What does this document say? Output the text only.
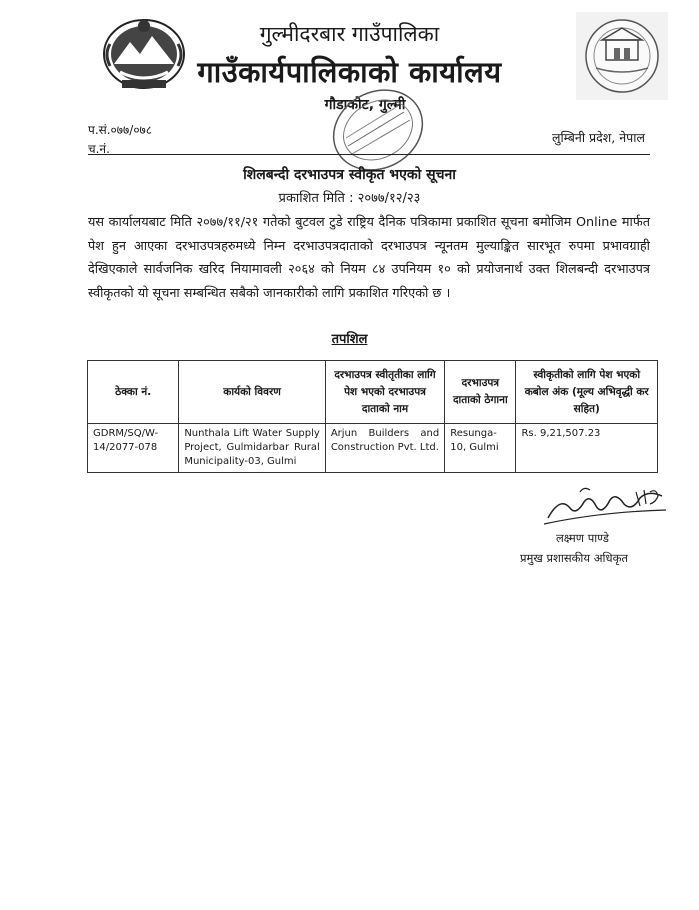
गुल्मीदरबार गाउँपालिका
गाउँकार्यपालिकाको कार्यालय
गौडाकोट, गुल्मी
प.सं.०७७/०७८
च.नं.
लुम्बिनी प्रदेश, नेपाल
शिलबन्दी दरभाउपत्र स्वीकृत भएको सूचना
प्रकाशित मिति : २०७७/१२/२३
यस कार्यालयबाट मिति २०७७/११/२१ गतेको बुटवल टुडे राष्ट्रिय दैनिक पत्रिकामा प्रकाशित सूचना बमोजिम Online मार्फत पेश हुन आएका दरभाउपत्रहरुमध्ये निम्न दरभाउपत्रदाताको दरभाउपत्र न्यूनतम मुल्याङ्कित सारभूत रुपमा प्रभावग्राही देखिएकाले सार्वजनिक खरिद नियामावली २०६४ को नियम ८४ उपनियम १० को प्रयोजनार्थ उक्त शिलबन्दी दरभाउपत्र स्वीकृतको यो सूचना सम्बन्धित सबैको जानकारीको लागि प्रकाशित गरिएको छ ।
तपशिल
ठेक्का नं.	कार्यको विवरण	दरभाउपत्र स्वीतृतीका लागि पेश भएको दरभाउपत्र दाताको नाम	दरभाउपत्र दाताको ठेगाना	स्वीकृतीको लागि पेश भएको कबोल अंक (मूल्य अभिवृद्धी कर सहित)
GDRM/SQ/W-14/2077-078	Nunthala Lift Water Supply Project, Gulmidarbar Rural Municipality-03, Gulmi	Arjun Builders and Construction Pvt. Ltd.	Resunga-10, Gulmi	Rs. 9,21,507.23
लक्ष्मण पाण्डे
प्रमुख प्रशासकीय अधिकृत
